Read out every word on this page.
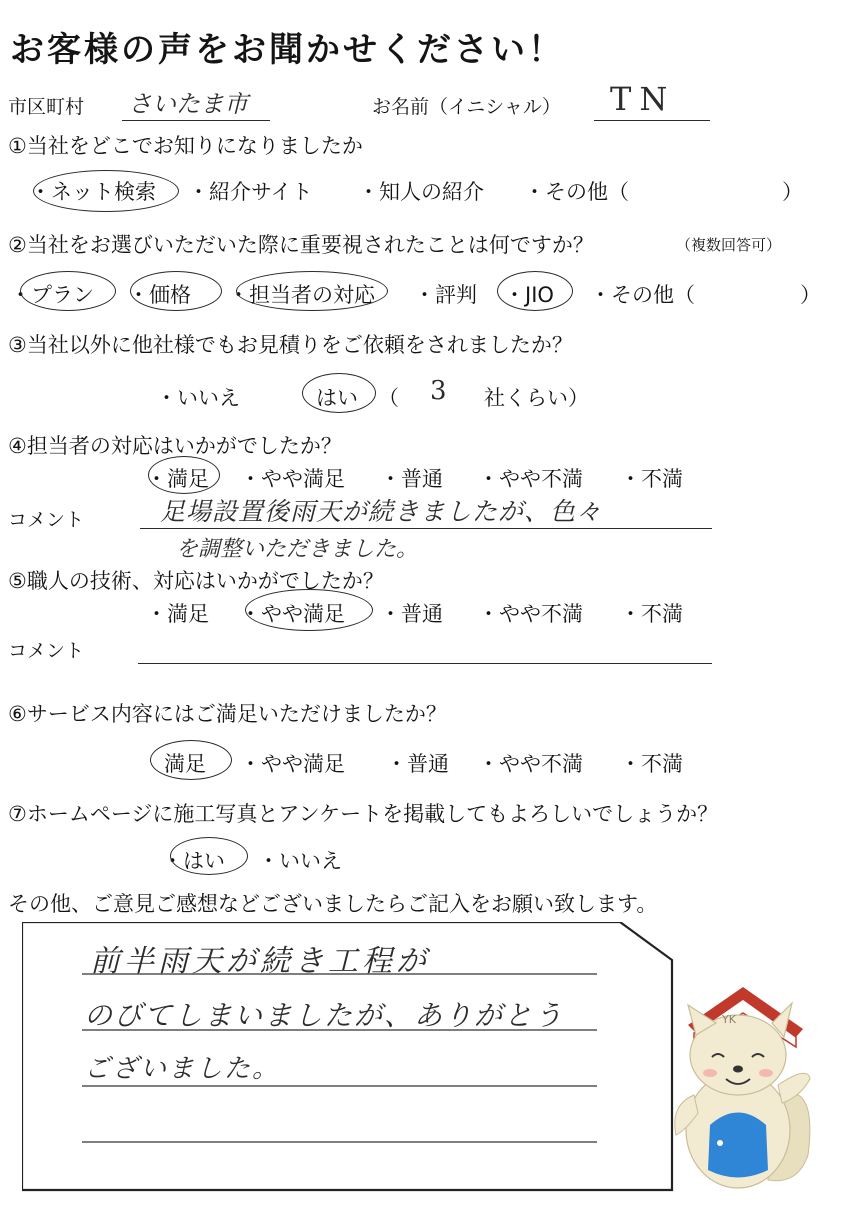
お客様の声をお聞かせください！
市区町村 さいたま市	お名前（イニシャル） TN
①当社をどこでお知りになりましたか
・ネット検索 ・紹介サイト ・知人の紹介 ・その他（	）
②当社をお選びいただいた際に重要視されたことは何ですか？	（複数回答可）
・プラン ・価格 ・担当者の対応 ・評判 ・JIO ・その他（	）
③当社以外に他社様でもお見積りをご依頼をされましたか？
・いいえ	はい （ 3 社くらい）
④担当者の対応はいかがでしたか？
・満足 ・やや満足 ・普通 ・やや不満 ・不満
コメント	足場設置後雨天が続きましたが、色々
を調整いただきました。
⑤職人の技術、対応はいかがでしたか？
・満足 ・やや満足 ・普通 ・やや不満 ・不満
コメント
⑥サービス内容にはご満足いただけましたか？
満足 ・やや満足 ・普通 ・やや不満 ・不満
⑦ホームページに施工写真とアンケートを掲載してもよろしいでしょうか？
・はい ・いいえ
その他、ご意見ご感想などございましたらご記入をお願い致します。
前半雨天が続き工程が
のびてしまいましたが、ありがとう
ございました。
YK
